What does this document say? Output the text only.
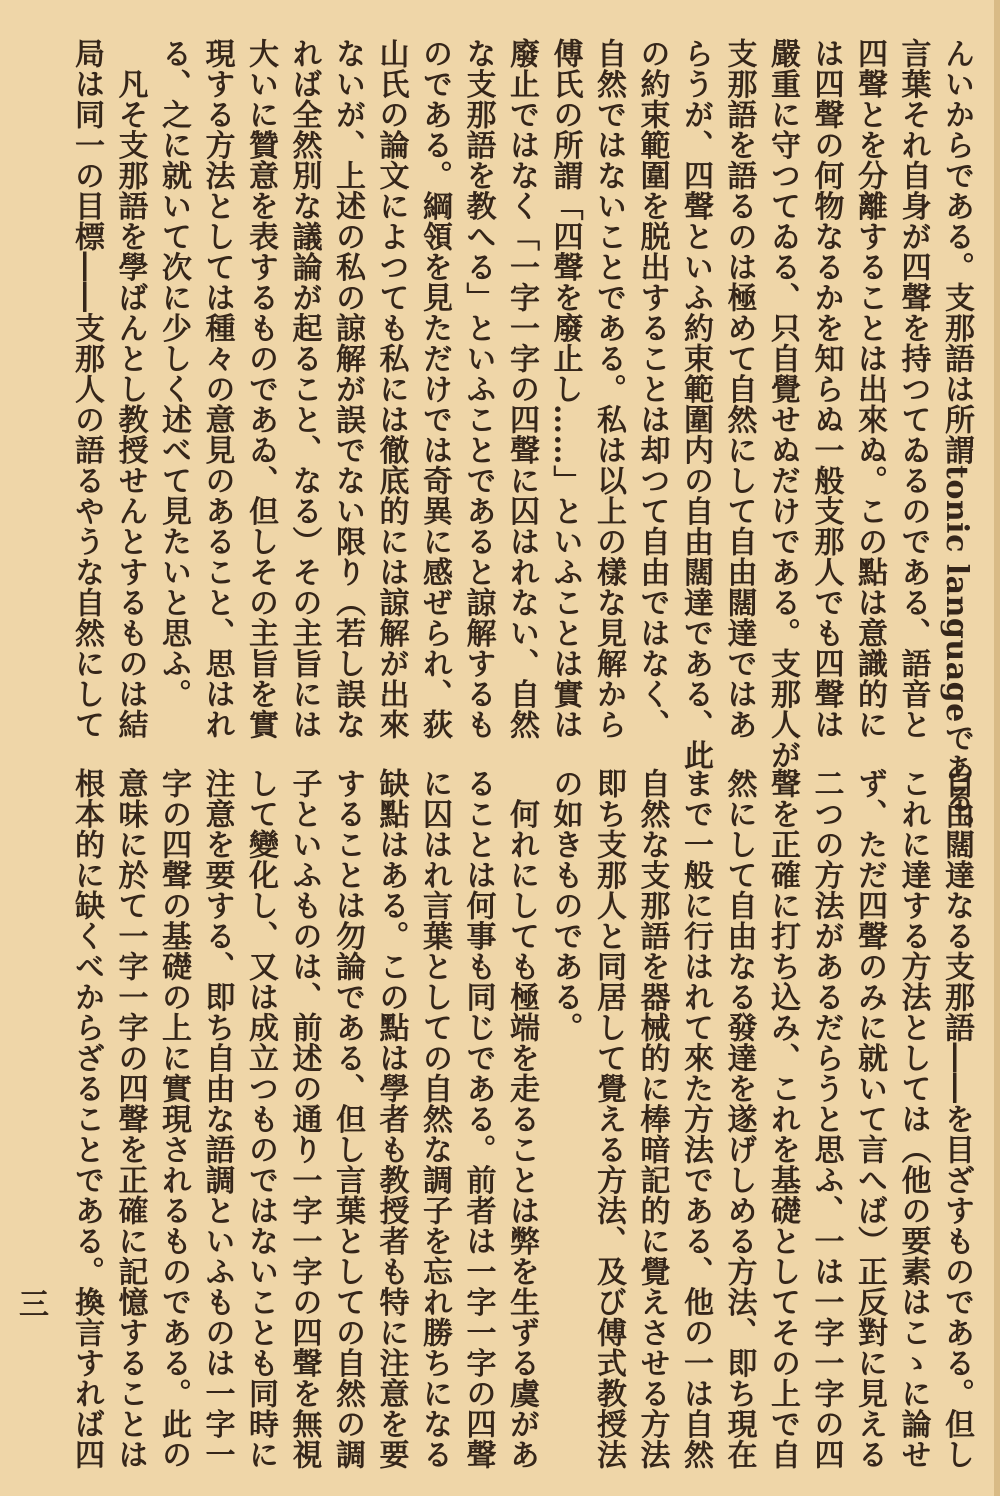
んいからである。支那語は所謂tonic languageである。
言葉それ自身が四聲を持つてゐるのである、語音と
四聲とを分離することは出來ぬ。この點は意識的に
は四聲の何物なるかを知らぬ一般支那人でも四聲は
嚴重に守つてゐる、只自覺せぬだけである。支那人が
支那語を語るのは極めて自然にして自由闊達ではあ
らうが、四聲といふ約束範圍内の自由闊達である、此
の約束範圍を脱出することは却つて自由ではなく、
自然ではないことである。私は以上の樣な見解から
傅氏の所謂「四聲を廢止し……」といふことは實は
廢止ではなく「一字一字の四聲に囚はれない、自然
な支那語を教へる」といふことであると諒解するも
のである。綱領を見ただけでは奇異に感ぜられ、荻
山氏の論文によつても私には徹底的には諒解が出來
ないが、上述の私の諒解が誤でない限り（若し誤な
れば全然別な議論が起ること、なる）その主旨には
大いに贊意を表するものであゐ、但しその主旨を實
現する方法としては種々の意見のあること、思はれ
る、之に就いて次に少しく述べて見たいと思ふ。
　凡そ支那語を學ばんとし教授せんとするものは結
局は同一の目標――支那人の語るやうな自然にして
自由闊達なる支那語――を目ざすものである。但し
これに達する方法としては（他の要素はこゝに論せ
ず、ただ四聲のみに就いて言へば）正反對に見える
二つの方法があるだらうと思ふ、一は一字一字の四
聲を正確に打ち込み、これを基礎としてその上で自
然にして自由なる發達を遂げしめる方法、即ち現在
まで一般に行はれて來た方法である、他の一は自然
自然な支那語を器械的に棒暗記的に覺えさせる方法
即ち支那人と同居して覺える方法、及び傅式教授法
の如きものである。
　何れにしても極端を走ることは弊を生ずる虞があ
ることは何事も同じである。前者は一字一字の四聲
に囚はれ言葉としての自然な調子を忘れ勝ちになる
缺點はある。この點は學者も教授者も特に注意を要
することは勿論である、但し言葉としての自然の調
子といふものは、前述の通り一字一字の四聲を無視
して變化し、又は成立つものではないことも同時に
注意を要する、即ち自由な語調といふものは一字一
字の四聲の基礎の上に實現されるものである。此の
意味に於て一字一字の四聲を正確に記憶することは
根本的に缺くべからざることである。換言すれば四
三
